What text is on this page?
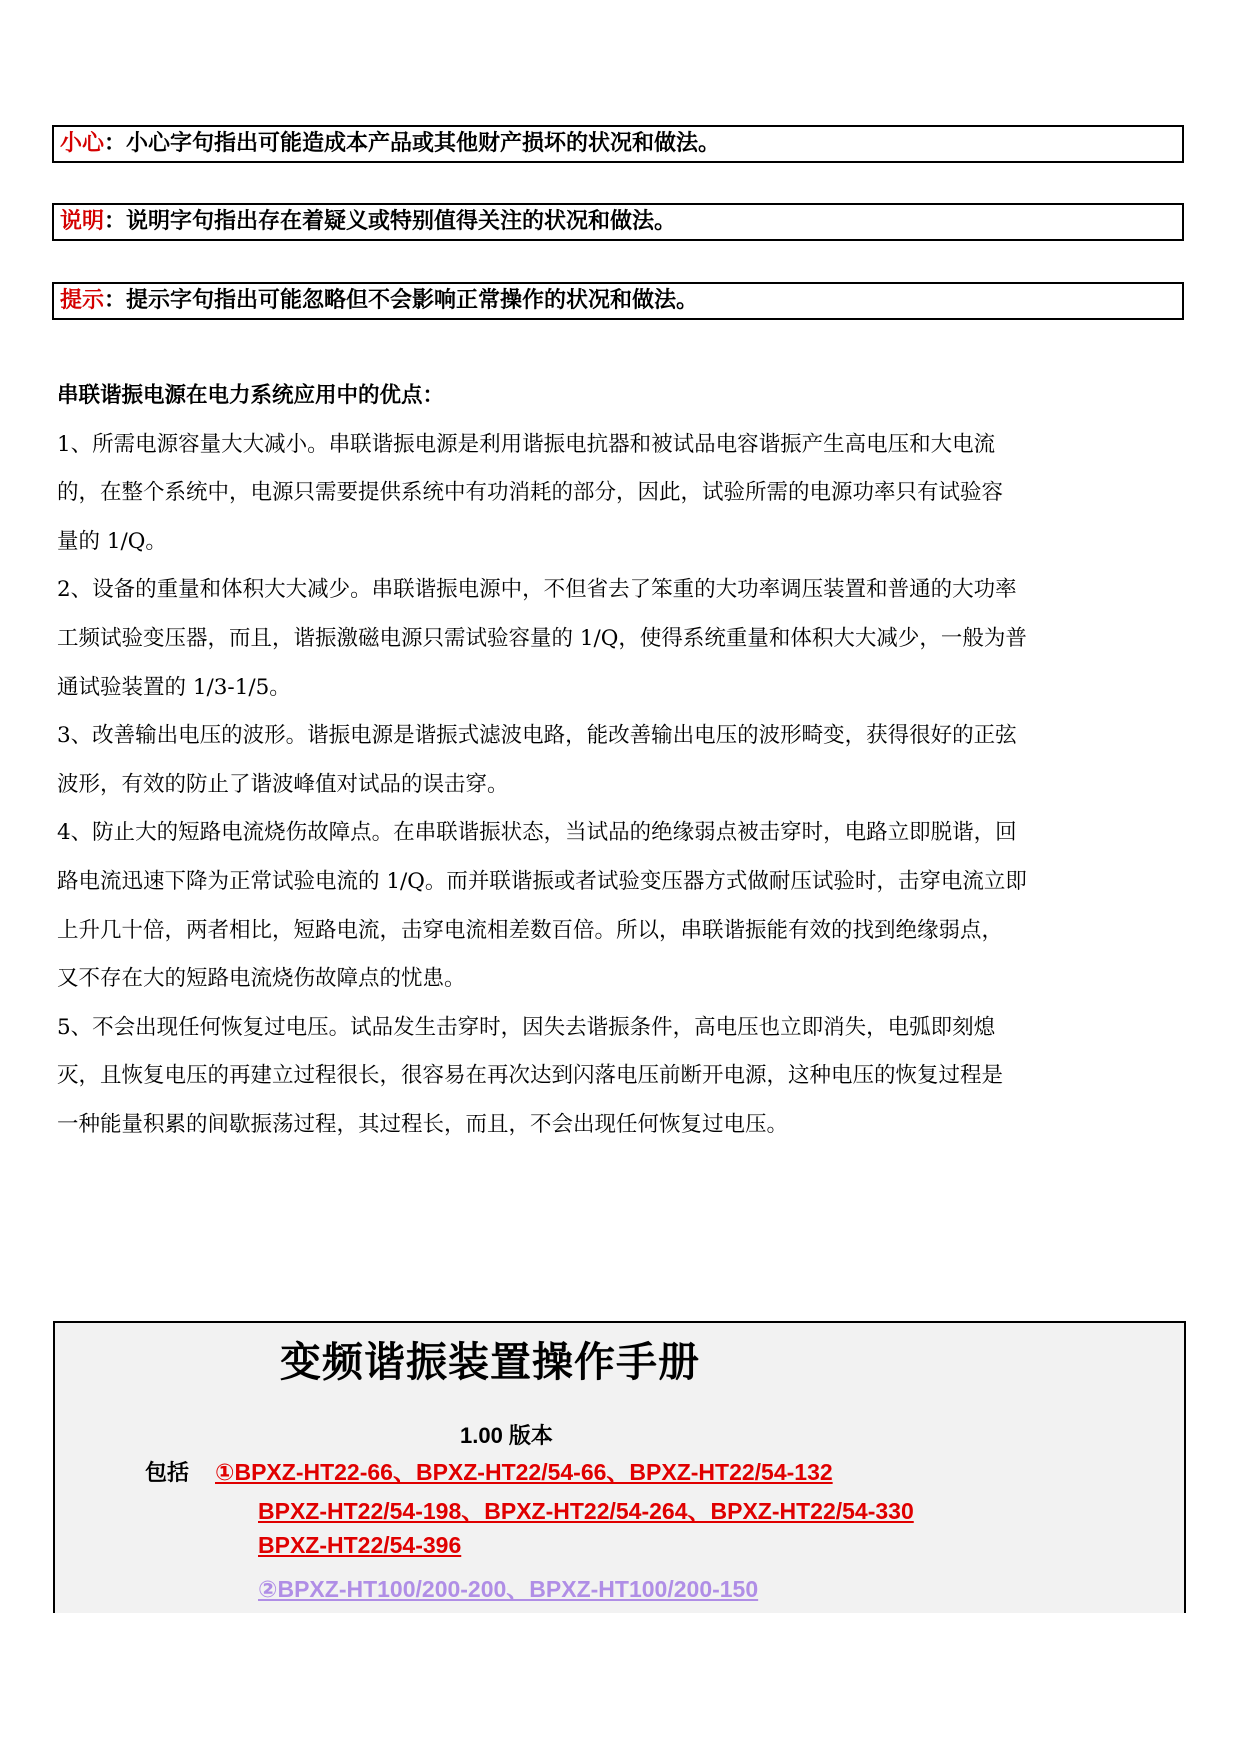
小心：小心字句指出可能造成本产品或其他财产损坏的状况和做法。
说明：说明字句指出存在着疑义或特别值得关注的状况和做法。
提示：提示字句指出可能忽略但不会影响正常操作的状况和做法。

串联谐振电源在电力系统应用中的优点：

1、所需电源容量大大减小。串联谐振电源是利用谐振电抗器和被试品电容谐振产生高电压和大电流

的，在整个系统中，电源只需要提供系统中有功消耗的部分，因此，试验所需的电源功率只有试验容

量的 1/Q。

2、设备的重量和体积大大减少。串联谐振电源中，不但省去了笨重的大功率调压装置和普通的大功率

工频试验变压器，而且，谐振激磁电源只需试验容量的 1/Q，使得系统重量和体积大大减少，一般为普

通试验装置的 1/3-1/5。

3、改善输出电压的波形。谐振电源是谐振式滤波电路，能改善输出电压的波形畸变，获得很好的正弦

波形，有效的防止了谐波峰值对试品的误击穿。

4、防止大的短路电流烧伤故障点。在串联谐振状态，当试品的绝缘弱点被击穿时，电路立即脱谐，回

路电流迅速下降为正常试验电流的 1/Q。而并联谐振或者试验变压器方式做耐压试验时，击穿电流立即

上升几十倍，两者相比，短路电流，击穿电流相差数百倍。所以，串联谐振能有效的找到绝缘弱点，

又不存在大的短路电流烧伤故障点的忧患。

5、不会出现任何恢复过电压。试品发生击穿时，因失去谐振条件，高电压也立即消失，电弧即刻熄

灭，且恢复电压的再建立过程很长，很容易在再次达到闪落电压前断开电源，这种电压的恢复过程是

一种能量积累的间歇振荡过程，其过程长，而且，不会出现任何恢复过电压。

变频谐振装置操作手册
1.00 版本
包括 ①BPXZ-HT22-66、BPXZ-HT22/54-66、BPXZ-HT22/54-132
BPXZ-HT22/54-198、BPXZ-HT22/54-264、BPXZ-HT22/54-330
BPXZ-HT22/54-396
②BPXZ-HT100/200-200、BPXZ-HT100/200-150
